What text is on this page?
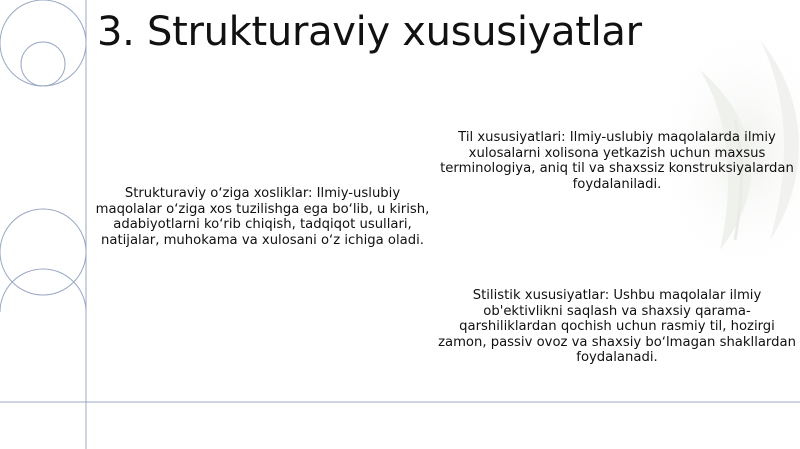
3. Strukturaviy xususiyatlar

Strukturaviy oʻziga xosliklar: Ilmiy-uslubiy maqolalar oʻziga xos tuzilishga ega boʻlib, u kirish, adabiyotlarni koʻrib chiqish, tadqiqot usullari, natijalar, muhokama va xulosani oʻz ichiga oladi.

Til xususiyatlari: Ilmiy-uslubiy maqolalarda ilmiy xulosalarni xolisona yetkazish uchun maxsus terminologiya, aniq til va shaxssiz konstruksiyalardan foydalaniladi.

Stilistik xususiyatlar: Ushbu maqolalar ilmiy ob'ektivlikni saqlash va shaxsiy qarama-qarshiliklardan qochish uchun rasmiy til, hozirgi zamon, passiv ovoz va shaxsiy boʻlmagan shakllardan foydalanadi.
